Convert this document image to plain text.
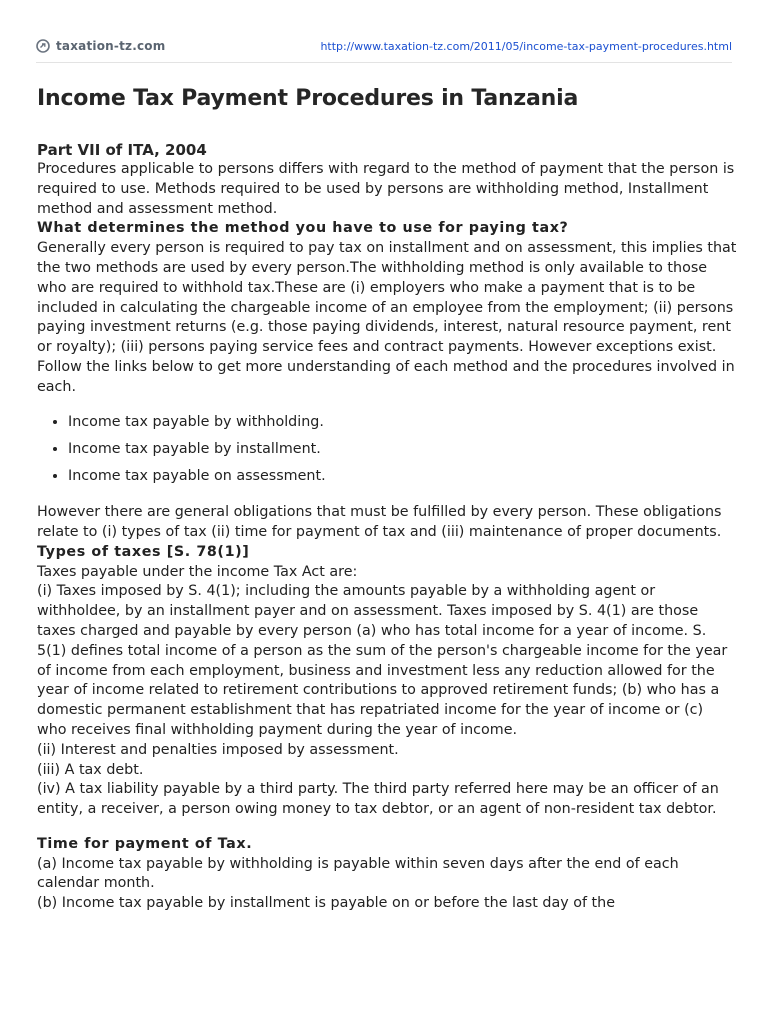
taxation-tz.com	http://www.taxation-tz.com/2011/05/income-tax-payment-procedures.html
Income Tax Payment Procedures in Tanzania
Part VII of ITA, 2004

Procedures applicable to persons differs with regard to the method of payment that the person is required to use. Methods required to be used by persons are withholding method, Installment method and assessment method.

What determines the method you have to use for paying tax?

Generally every person is required to pay tax on installment and on assessment, this implies that the two methods are used by every person.The withholding method is only available to those who are required to withhold tax.These are (i) employers who make a payment that is to be included in calculating the chargeable income of an employee from the employment; (ii) persons paying investment returns (e.g. those paying dividends, interest, natural resource payment, rent or royalty); (iii) persons paying service fees and contract payments. However exceptions exist.

Follow the links below to get more understanding of each method and the procedures involved in each.

• Income tax payable by withholding.
• Income tax payable by installment.
• Income tax payable on assessment.

However there are general obligations that must be fulfilled by every person. These obligations relate to (i) types of tax (ii) time for payment of tax and (iii) maintenance of proper documents.

Types of taxes [S. 78(1)]

Taxes payable under the income Tax Act are:

(i) Taxes imposed by S. 4(1); including the amounts payable by a withholding agent or withholdee, by an installment payer and on assessment. Taxes imposed by S. 4(1) are those taxes charged and payable by every person (a) who has total income for a year of income. S. 5(1) defines total income of a person as the sum of the person's chargeable income for the year of income from each employment, business and investment less any reduction allowed for the year of income related to retirement contributions to approved retirement funds; (b) who has a domestic permanent establishment that has repatriated income for the year of income or (c) who receives final withholding payment during the year of income.

(ii) Interest and penalties imposed by assessment.

(iii) A tax debt.

(iv) A tax liability payable by a third party. The third party referred here may be an officer of an entity, a receiver, a person owing money to tax debtor, or an agent of non-resident tax debtor.

Time for payment of Tax.

(a) Income tax payable by withholding is payable within seven days after the end of each calendar month.

(b) Income tax payable by installment is payable on or before the last day of the
